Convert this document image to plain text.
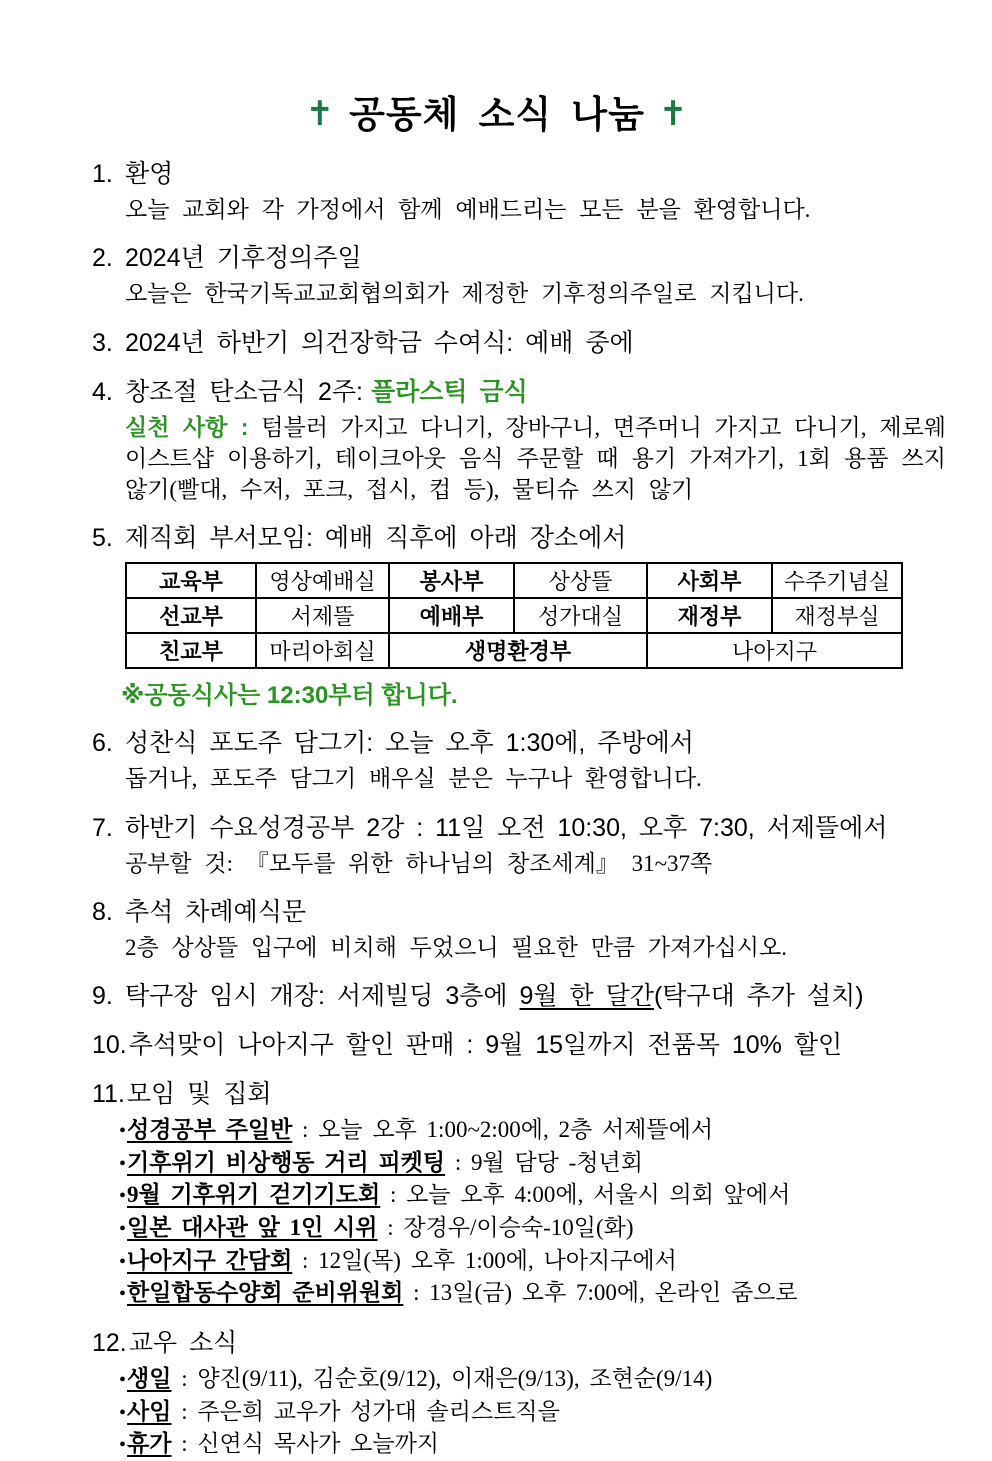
✝ 공동체 소식 나눔 ✝
1. 환영

오늘 교회와 각 가정에서 함께 예배드리는 모든 분을 환영합니다.

2. 2024년 기후정의주일

오늘은 한국기독교교회협의회가 제정한 기후정의주일로 지킵니다.

3. 2024년 하반기 의건장학금 수여식: 예배 중에
4. 창조절 탄소금식 2주: 플라스틱 금식

실천 사항 : 텀블러 가지고 다니기, 장바구니, 면주머니 가지고 다니기, 제로웨이스트샵 이용하기, 테이크아웃 음식 주문할 때 용기 가져가기, 1회 용품 쓰지 않기(빨대, 수저, 포크, 접시, 컵 등), 물티슈 쓰지 않기

5. 제직회 부서모임: 예배 직후에 아래 장소에서
교육부	영상예배실	봉사부	상상뜰	사회부	수주기념실
선교부	서제뜰	예배부	성가대실	재정부	재정부실
친교부	마리아회실	생명환경부		나아지구	
※공동식사는 12:30부터 합니다.
6. 성찬식 포도주 담그기: 오늘 오후 1:30에, 주방에서

돕거나, 포도주 담그기 배우실 분은 누구나 환영합니다.

7. 하반기 수요성경공부 2강 : 11일 오전 10:30, 오후 7:30, 서제뜰에서

공부할 것: 『모두를 위한 하나님의 창조세계』 31~37쪽

8. 추석 차례예식문

2층 상상뜰 입구에 비치해 두었으니 필요한 만큼 가져가십시오.

9. 탁구장 임시 개장: 서제빌딩 3층에 9월 한 달간(탁구대 추가 설치)
10. 추석맞이 나아지구 할인 판매 : 9월 15일까지 전품목 10% 할인
11. 모임 및 집회
•성경공부 주일반 : 오늘 오후 1:00~2:00에, 2층 서제뜰에서
•기후위기 비상행동 거리 피켓팅 : 9월 담당 -청년회
•9월 기후위기 걷기기도회 : 오늘 오후 4:00에, 서울시 의회 앞에서
•일본 대사관 앞 1인 시위 : 장경우/이승숙-10일(화)
•나아지구 간담회 : 12일(목) 오후 1:00에, 나아지구에서
•한일합동수양회 준비위원회 : 13일(금) 오후 7:00에, 온라인 줌으로
12. 교우 소식
•생일 : 양진(9/11), 김순호(9/12), 이재은(9/13), 조현순(9/14)
•사임 : 주은희 교우가 성가대 솔리스트직을
•휴가 : 신연식 목사가 오늘까지
